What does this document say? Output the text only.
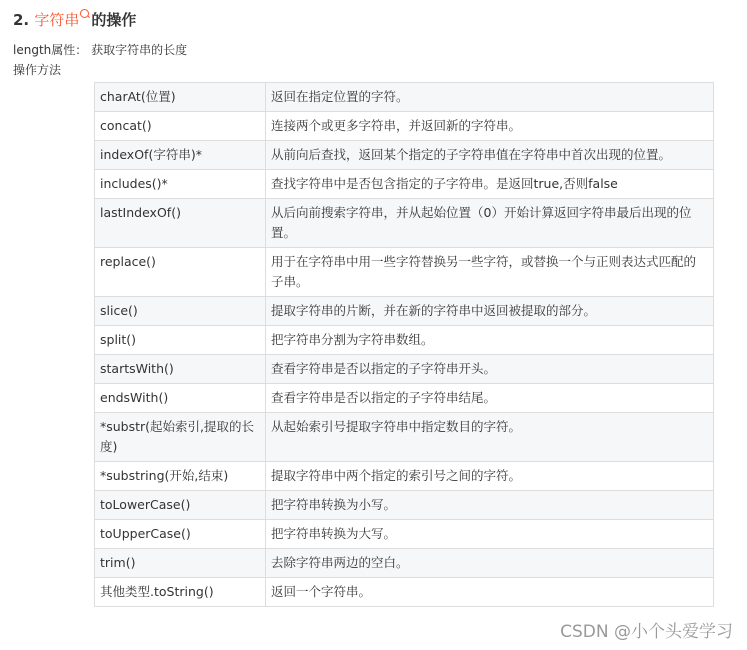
2. 字符串 的操作
length属性： 获取字符串的长度
操作方法
charAt(位置)	返回在指定位置的字符。
concat()	连接两个或更多字符串，并返回新的字符串。
indexOf(字符串)*	从前向后查找，返回某个指定的子字符串值在字符串中首次出现的位置。
includes()*	查找字符串中是否包含指定的子字符串。是返回true,否则false
lastIndexOf()	从后向前搜索字符串，并从起始位置（0）开始计算返回字符串最后出现的位置。
replace()	用于在字符串中用一些字符替换另一些字符，或替换一个与正则表达式匹配的子串。
slice()	提取字符串的片断，并在新的字符串中返回被提取的部分。
split()	把字符串分割为字符串数组。
startsWith()	查看字符串是否以指定的子字符串开头。
endsWith()	查看字符串是否以指定的子字符串结尾。
*substr(起始索引,提取的长度)	从起始索引号提取字符串中指定数目的字符。
*substring(开始,结束)	提取字符串中两个指定的索引号之间的字符。
toLowerCase()	把字符串转换为小写。
toUpperCase()	把字符串转换为大写。
trim()	去除字符串两边的空白。
其他类型.toString()	返回一个字符串。
CSDN @小个头爱学习
